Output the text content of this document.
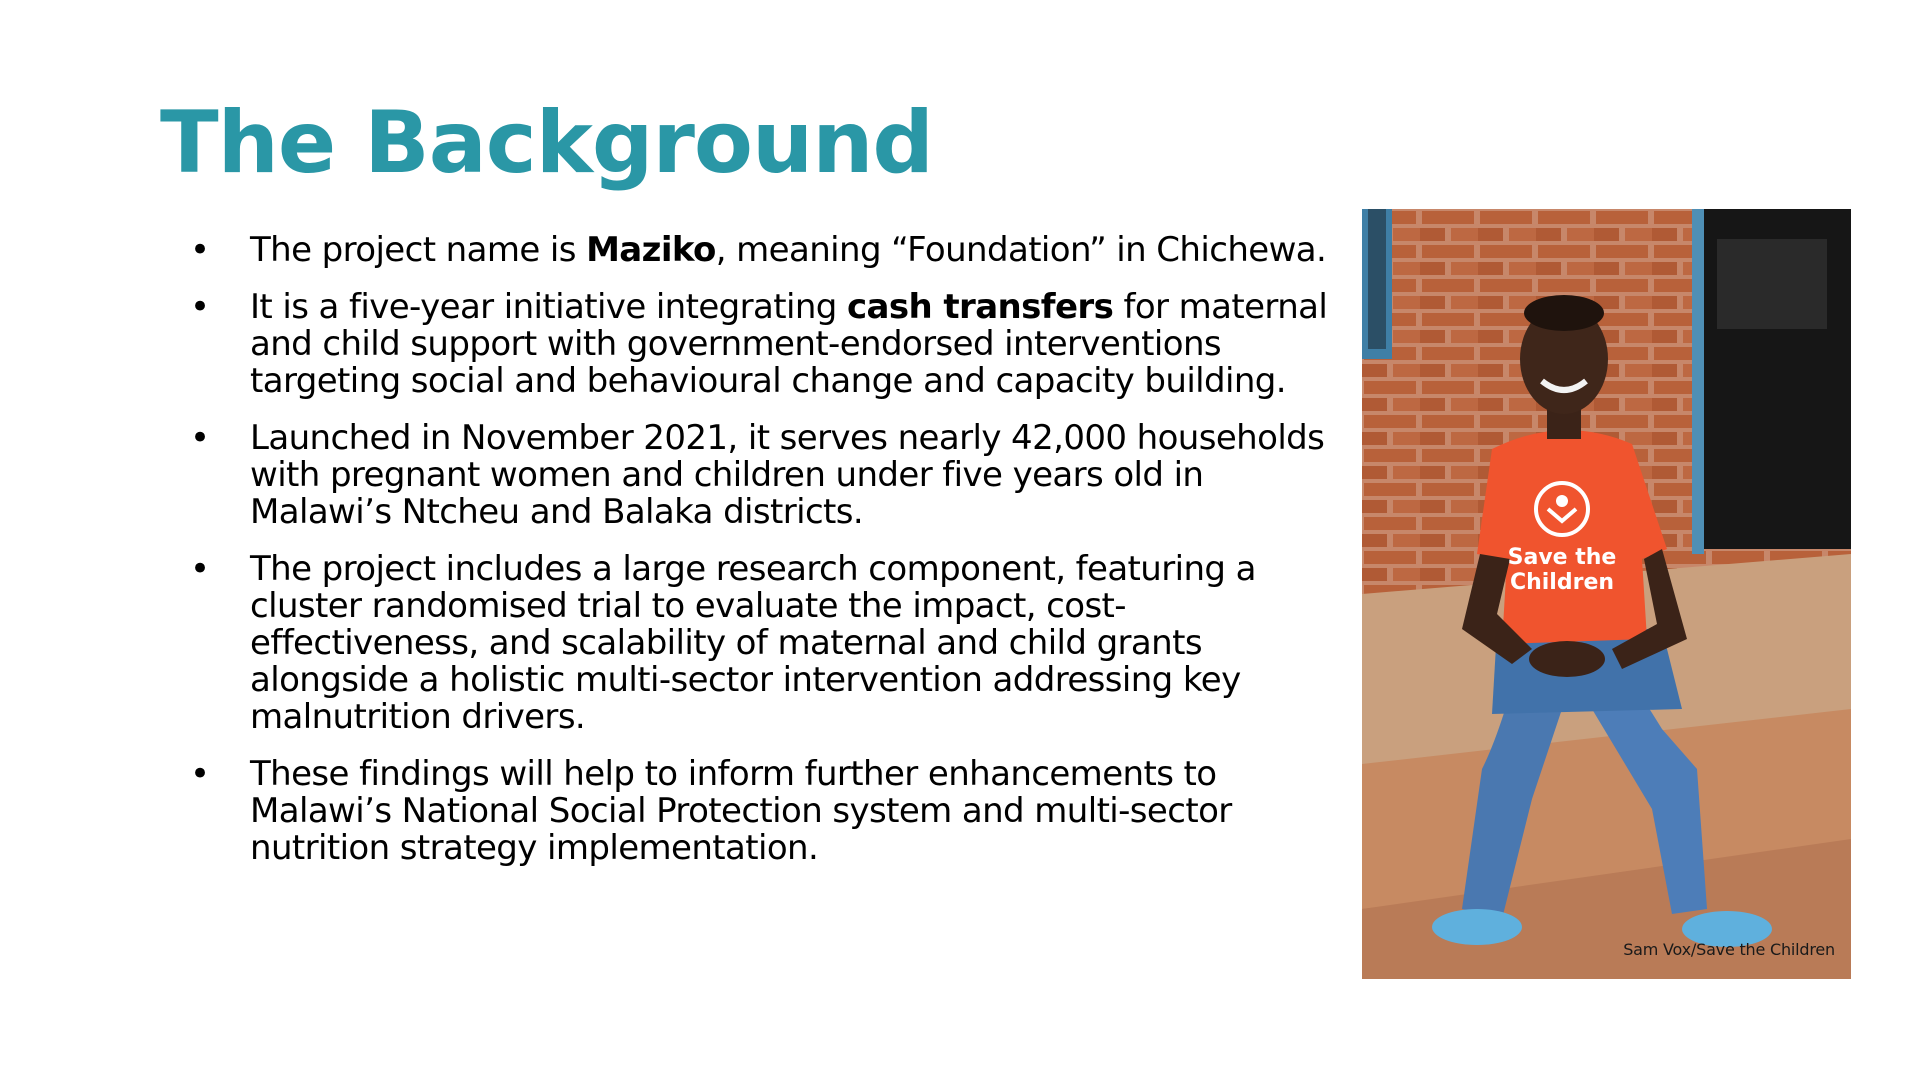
The Background
• The project name is Maziko, meaning “Foundation” in Chichewa.
• It is a five-year initiative integrating cash transfers for maternal and child support with government-endorsed interventions targeting social and behavioural change and capacity building.
• Launched in November 2021, it serves nearly 42,000 households with pregnant women and children under five years old in Malawi’s Ntcheu and Balaka districts.
• The project includes a large research component, featuring a cluster randomised trial to evaluate the impact, cost-effectiveness, and scalability of maternal and child grants alongside a holistic multi-sector intervention addressing key malnutrition drivers.
• These findings will help to inform further enhancements to Malawi’s National Social Protection system and multi-sector nutrition strategy implementation.
Save the
Children
Sam Vox/Save the Children
